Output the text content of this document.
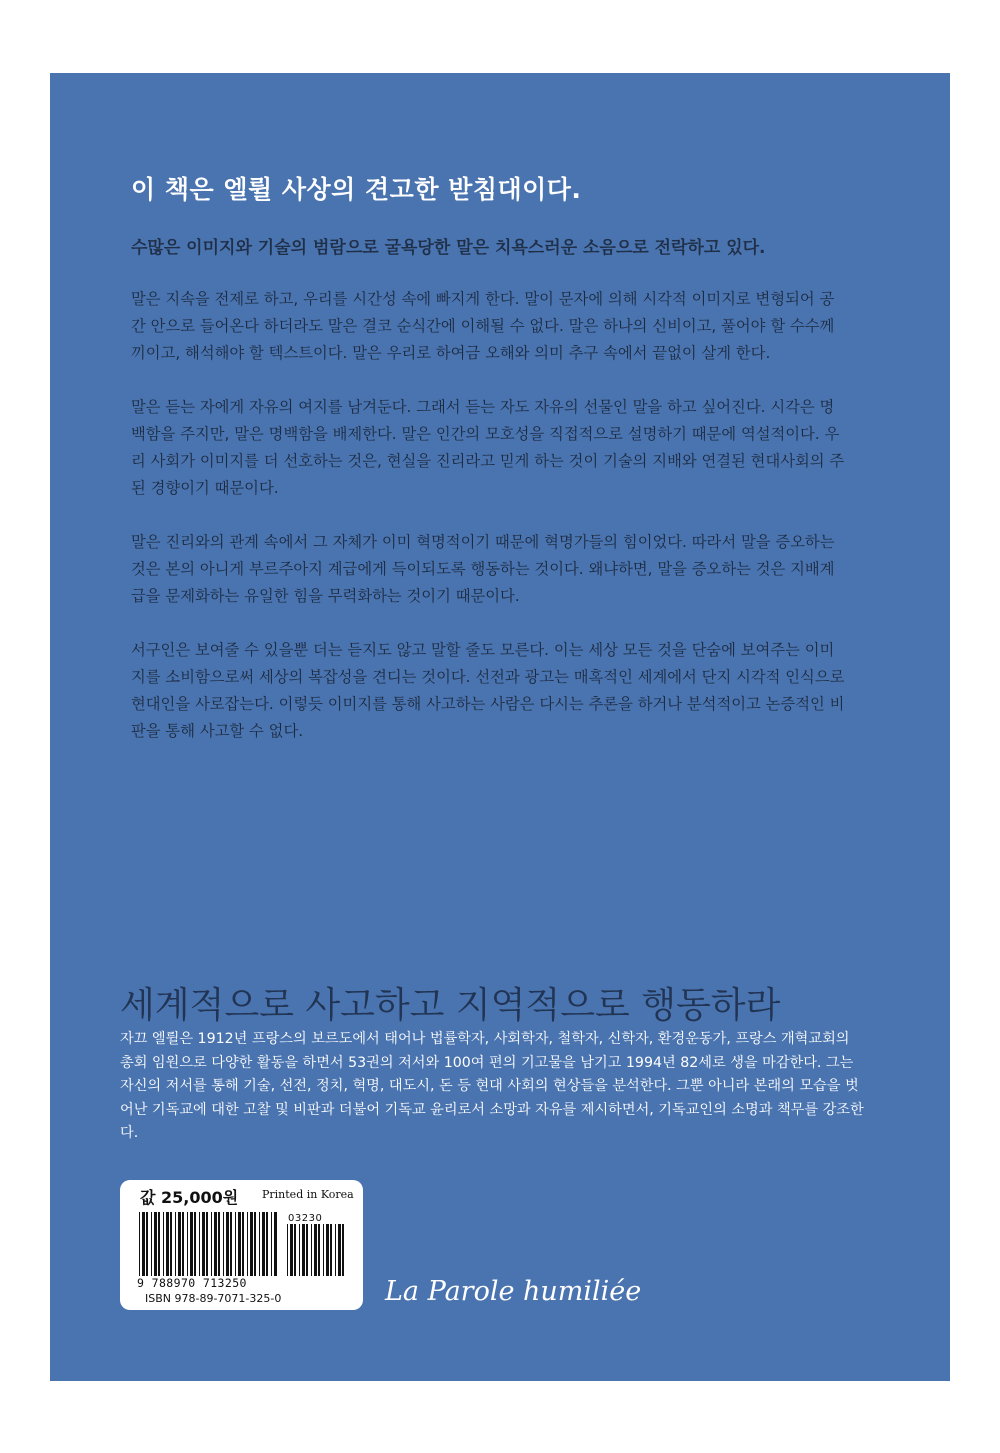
이 책은 엘륄 사상의 견고한 받침대이다.
수많은 이미지와 기술의 범람으로 굴욕당한 말은 치욕스러운 소음으로 전락하고 있다.

말은 지속을 전제로 하고, 우리를 시간성 속에 빠지게 한다. 말이 문자에 의해 시각적 이미지로 변형되어 공간 안으로 들어온다 하더라도 말은 결코 순식간에 이해될 수 없다. 말은 하나의 신비이고, 풀어야 할 수수께끼이고, 해석해야 할 텍스트이다. 말은 우리로 하여금 오해와 의미 추구 속에서 끝없이 살게 한다.

말은 듣는 자에게 자유의 여지를 남겨둔다. 그래서 듣는 자도 자유의 선물인 말을 하고 싶어진다. 시각은 명백함을 주지만, 말은 명백함을 배제한다. 말은 인간의 모호성을 직접적으로 설명하기 때문에 역설적이다. 우리 사회가 이미지를 더 선호하는 것은, 현실을 진리라고 믿게 하는 것이 기술의 지배와 연결된 현대사회의 주된 경향이기 때문이다.

말은 진리와의 관계 속에서 그 자체가 이미 혁명적이기 때문에 혁명가들의 힘이었다. 따라서 말을 증오하는 것은 본의 아니게 부르주아지 계급에게 득이되도록 행동하는 것이다. 왜냐하면, 말을 증오하는 것은 지배계급을 문제화하는 유일한 힘을 무력화하는 것이기 때문이다.

서구인은 보여줄 수 있을뿐 더는 듣지도 않고 말할 줄도 모른다. 이는 세상 모든 것을 단숨에 보여주는 이미지를 소비함으로써 세상의 복잡성을 견디는 것이다. 선전과 광고는 매혹적인 세계에서 단지 시각적 인식으로 현대인을 사로잡는다. 이렇듯 이미지를 통해 사고하는 사람은 다시는 추론을 하거나 분석적이고 논증적인 비판을 통해 사고할 수 없다.

세계적으로 사고하고 지역적으로 행동하라
자끄 엘륄은 1912년 프랑스의 보르도에서 태어나 법률학자, 사회학자, 철학자, 신학자, 환경운동가, 프랑스 개혁교회의 총회 임원으로 다양한 활동을 하면서 53권의 저서와 100여 편의 기고물을 남기고 1994년 82세로 생을 마감한다. 그는 자신의 저서를 통해 기술, 선전, 정치, 혁명, 대도시, 돈 등 현대 사회의 현상들을 분석한다. 그뿐 아니라 본래의 모습을 벗어난 기독교에 대한 고찰 및 비판과 더불어 기독교 윤리로서 소망과 자유를 제시하면서, 기독교인의 소명과 책무를 강조한다.
값 25,000원 Printed in Korea
03230
9 788970 713250
ISBN 978-89-7071-325-0	La Parole humiliée
